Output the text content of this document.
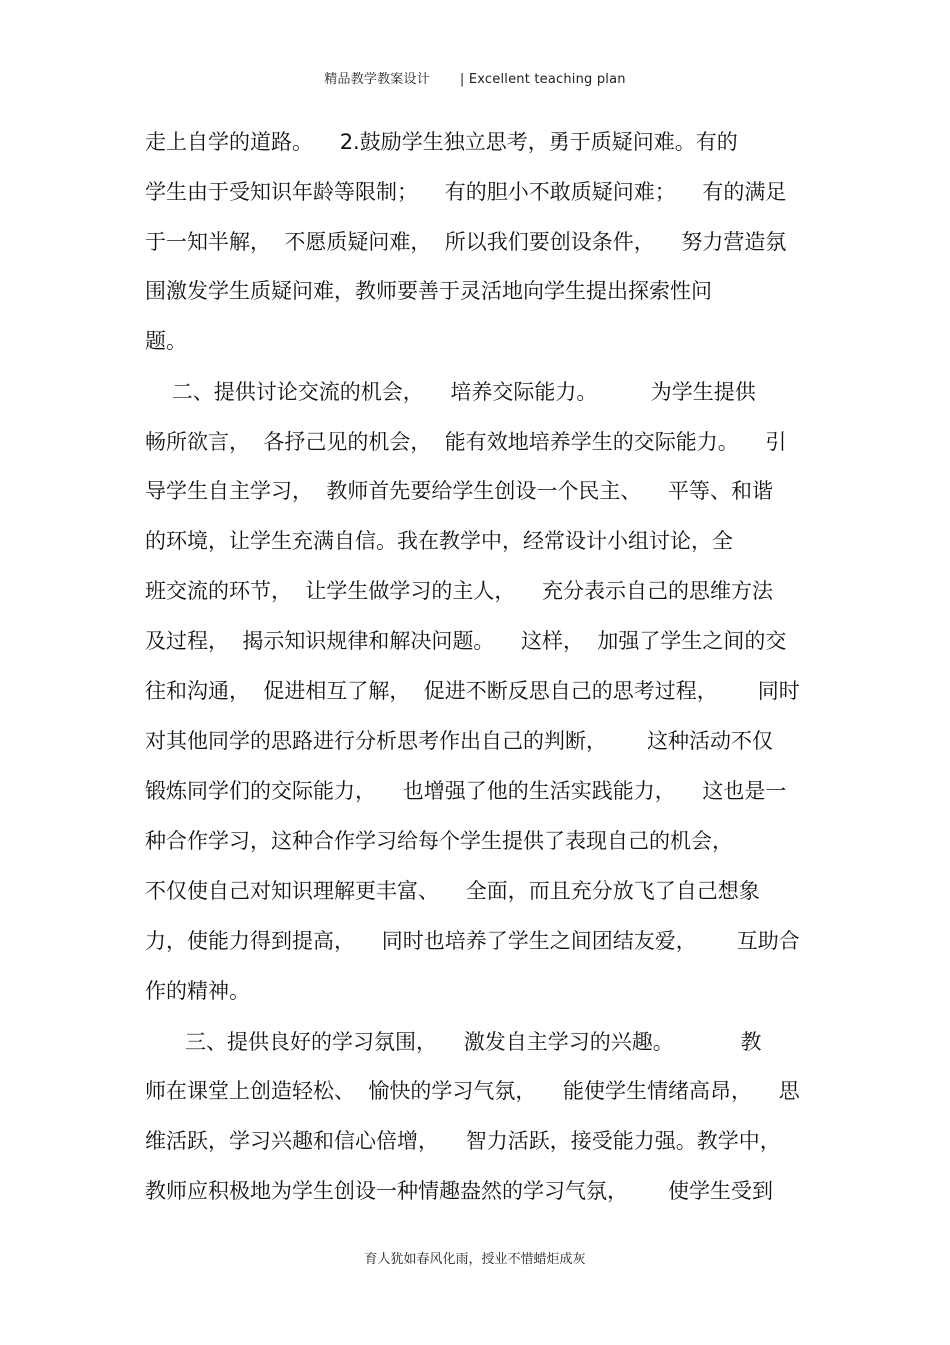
精品教学教案设计 | Excellent teaching plan
走上自学的道路。    2.鼓励学生独立思考，勇于质疑问难。有的
学生由于受知识年龄等限制；    有的胆小不敢质疑问难；    有的满足
于一知半解，  不愿质疑问难，  所以我们要创设条件，    努力营造氛
围激发学生质疑问难，教师要善于灵活地向学生提出探索性问
题。
二、提供讨论交流的机会，    培养交际能力。        为学生提供
畅所欲言，  各抒己见的机会，  能有效地培养学生的交际能力。    引
导学生自主学习，  教师首先要给学生创设一个民主、    平等、和谐
的环境，让学生充满自信。我在教学中，经常设计小组讨论，全
班交流的环节，  让学生做学习的主人，    充分表示自己的思维方法
及过程，  揭示知识规律和解决问题。    这样，  加强了学生之间的交
往和沟通，  促进相互了解，  促进不断反思自己的思考过程，      同时
对其他同学的思路进行分析思考作出自己的判断，      这种活动不仅
锻炼同学们的交际能力，    也增强了他的生活实践能力，    这也是一
种合作学习，这种合作学习给每个学生提供了表现自己的机会，
不仅使自己对知识理解更丰富、    全面，而且充分放飞了自己想象
力，使能力得到提高，    同时也培养了学生之间团结友爱，      互助合
作的精神。
三、提供良好的学习氛围，    激发自主学习的兴趣。          教
师在课堂上创造轻松、  愉快的学习气氛，    能使学生情绪高昂，    思
维活跃，学习兴趣和信心倍增，    智力活跃，接受能力强。教学中，
教师应积极地为学生创设一种情趣盎然的学习气氛，      使学生受到
育人犹如春风化雨，授业不惜蜡炬成灰
